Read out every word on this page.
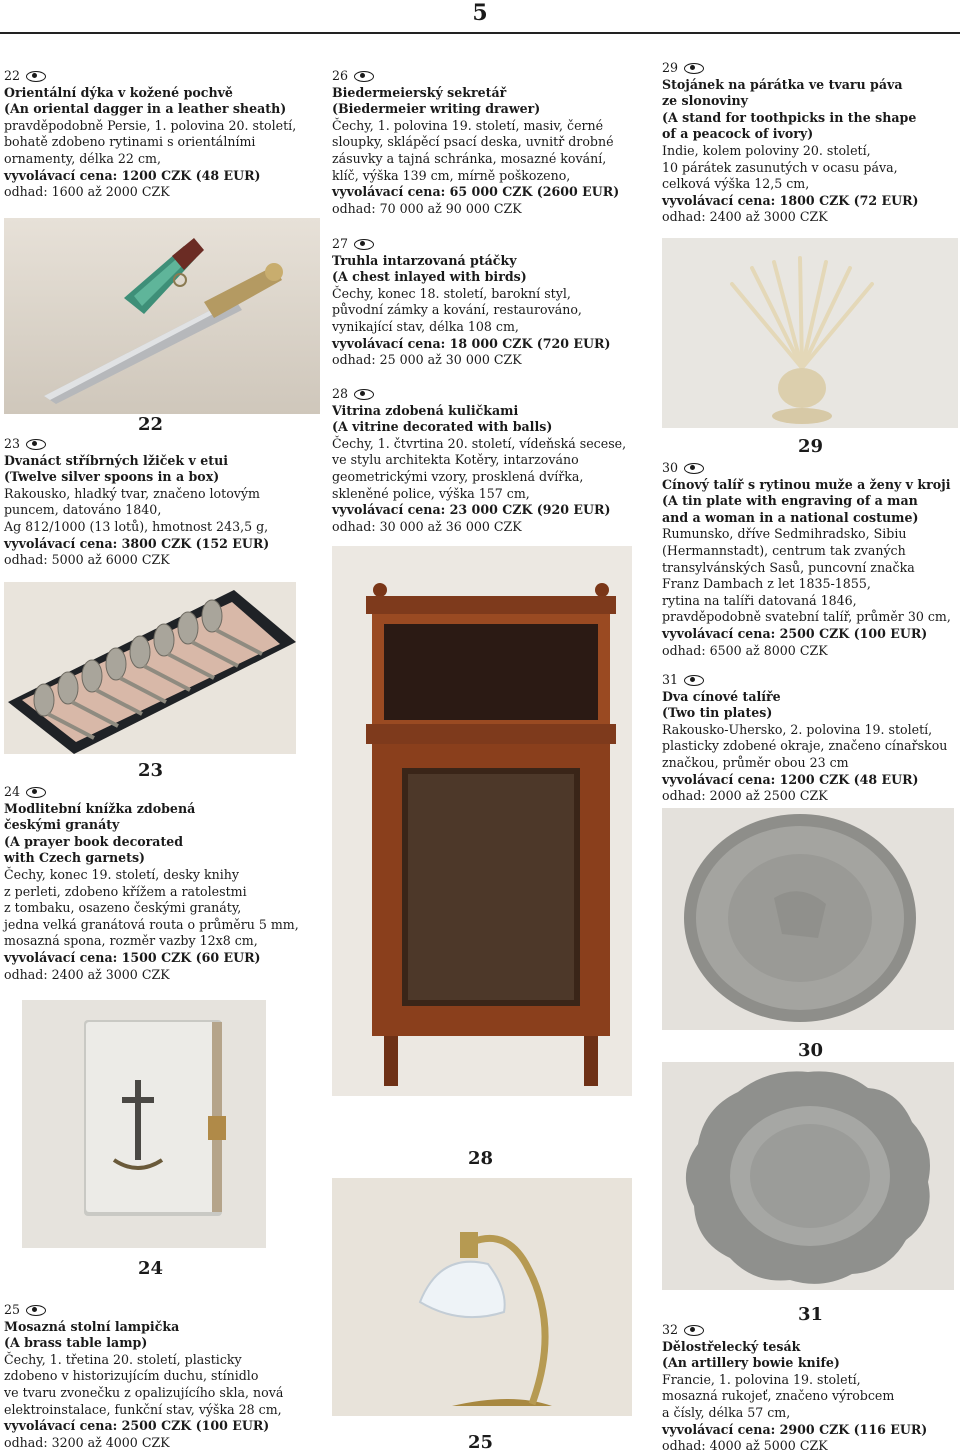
5
22
Orientální dýka v kožené pochvě
(An oriental dagger in a leather sheath)
pravděpodobně Persie, 1. polovina 20. století,
bohatě zdobeno rytinami s orientálními
ornamenty, délka 22 cm,
vyvolávací cena: 1200 CZK (48 EUR)
odhad: 1600 až 2000 CZK
26
Biedermeierský sekretář
(Biedermeier writing drawer)
Čechy, 1. polovina 19. století, masiv, černé
sloupky, sklápěcí psací deska, uvnitř drobné
zásuvky a tajná schránka, mosazné kování,
klíč, výška 139 cm, mírně poškozeno,
vyvolávací cena: 65 000 CZK (2600 EUR)
odhad: 70 000 až 90 000 CZK
27
Truhla intarzovaná ptáčky
(A chest inlayed with birds)
Čechy, konec 18. století, barokní styl,
původní zámky a kování, restaurováno,
vynikající stav, délka 108 cm,
vyvolávací cena: 18 000 CZK (720 EUR)
odhad: 25 000 až 30 000 CZK
28
Vitrina zdobená kuličkami
(A vitrine decorated with balls)
Čechy, 1. čtvrtina 20. století, vídeňská secese,
ve stylu architekta Kotěry, intarzováno
geometrickými vzory, prosklená dvířka,
skleněné police, výška 157 cm,
vyvolávací cena: 23 000 CZK (920 EUR)
odhad: 30 000 až 36 000 CZK
29
Stojánek na párátka ve tvaru páva
ze slonoviny
(A stand for toothpicks in the shape
of a peacock of ivory)
Indie, kolem poloviny 20. století,
10 párátek zasunutých v ocasu páva,
celková výška 12,5 cm,
vyvolávací cena: 1800 CZK (72 EUR)
odhad: 2400 až 3000 CZK
23
Dvanáct stříbrných lžiček v etui
(Twelve silver spoons in a box)
Rakousko, hladký tvar, značeno lotovým
puncem, datováno 1840,
Ag 812/1000 (13 lotů), hmotnost 243,5 g,
vyvolávací cena: 3800 CZK (152 EUR)
odhad: 5000 až 6000 CZK
24
Modlitební knížka zdobená
českými granáty
(A prayer book decorated
with Czech garnets)
Čechy, konec 19. století, desky knihy
z perleti, zdobeno křížem a ratolestmi
z tombaku, osazeno českými granáty,
jedna velká granátová routa o průměru 5 mm,
mosazná spona, rozměr vazby 12x8 cm,
vyvolávací cena: 1500 CZK (60 EUR)
odhad: 2400 až 3000 CZK
25
Mosazná stolní lampička
(A brass table lamp)
Čechy, 1. třetina 20. století, plasticky
zdobeno v historizujícím duchu, stínidlo
ve tvaru zvonečku z opalizujícího skla, nová
elektroinstalace, funkční stav, výška 28 cm,
vyvolávací cena: 2500 CZK (100 EUR)
odhad: 3200 až 4000 CZK
30
Cínový talíř s rytinou muže a ženy v kroji
(A tin plate with engraving of a man
and a woman in a national costume)
Rumunsko, dříve Sedmihradsko, Sibiu
(Hermannstadt), centrum tak zvaných
transylvánských Sasů, puncovní značka
Franz Dambach z let 1835-1855,
rytina na talíři datovaná 1846,
pravděpodobně svatební talíř, průměr 30 cm,
vyvolávací cena: 2500 CZK (100 EUR)
odhad: 6500 až 8000 CZK
31
Dva cínové talíře
(Two tin plates)
Rakousko-Uhersko, 2. polovina 19. století,
plasticky zdobené okraje, značeno cínařskou
značkou, průměr obou 23 cm
vyvolávací cena: 1200 CZK (48 EUR)
odhad: 2000 až 2500 CZK
32
Dělostřelecký tesák
(An artillery bowie knife)
Francie, 1. polovina 19. století,
mosazná rukojeť, značeno výrobcem
a čísly, délka 57 cm,
vyvolávací cena: 2900 CZK (116 EUR)
odhad: 4000 až 5000 CZK
22
23
24
25
28
29
30
31
